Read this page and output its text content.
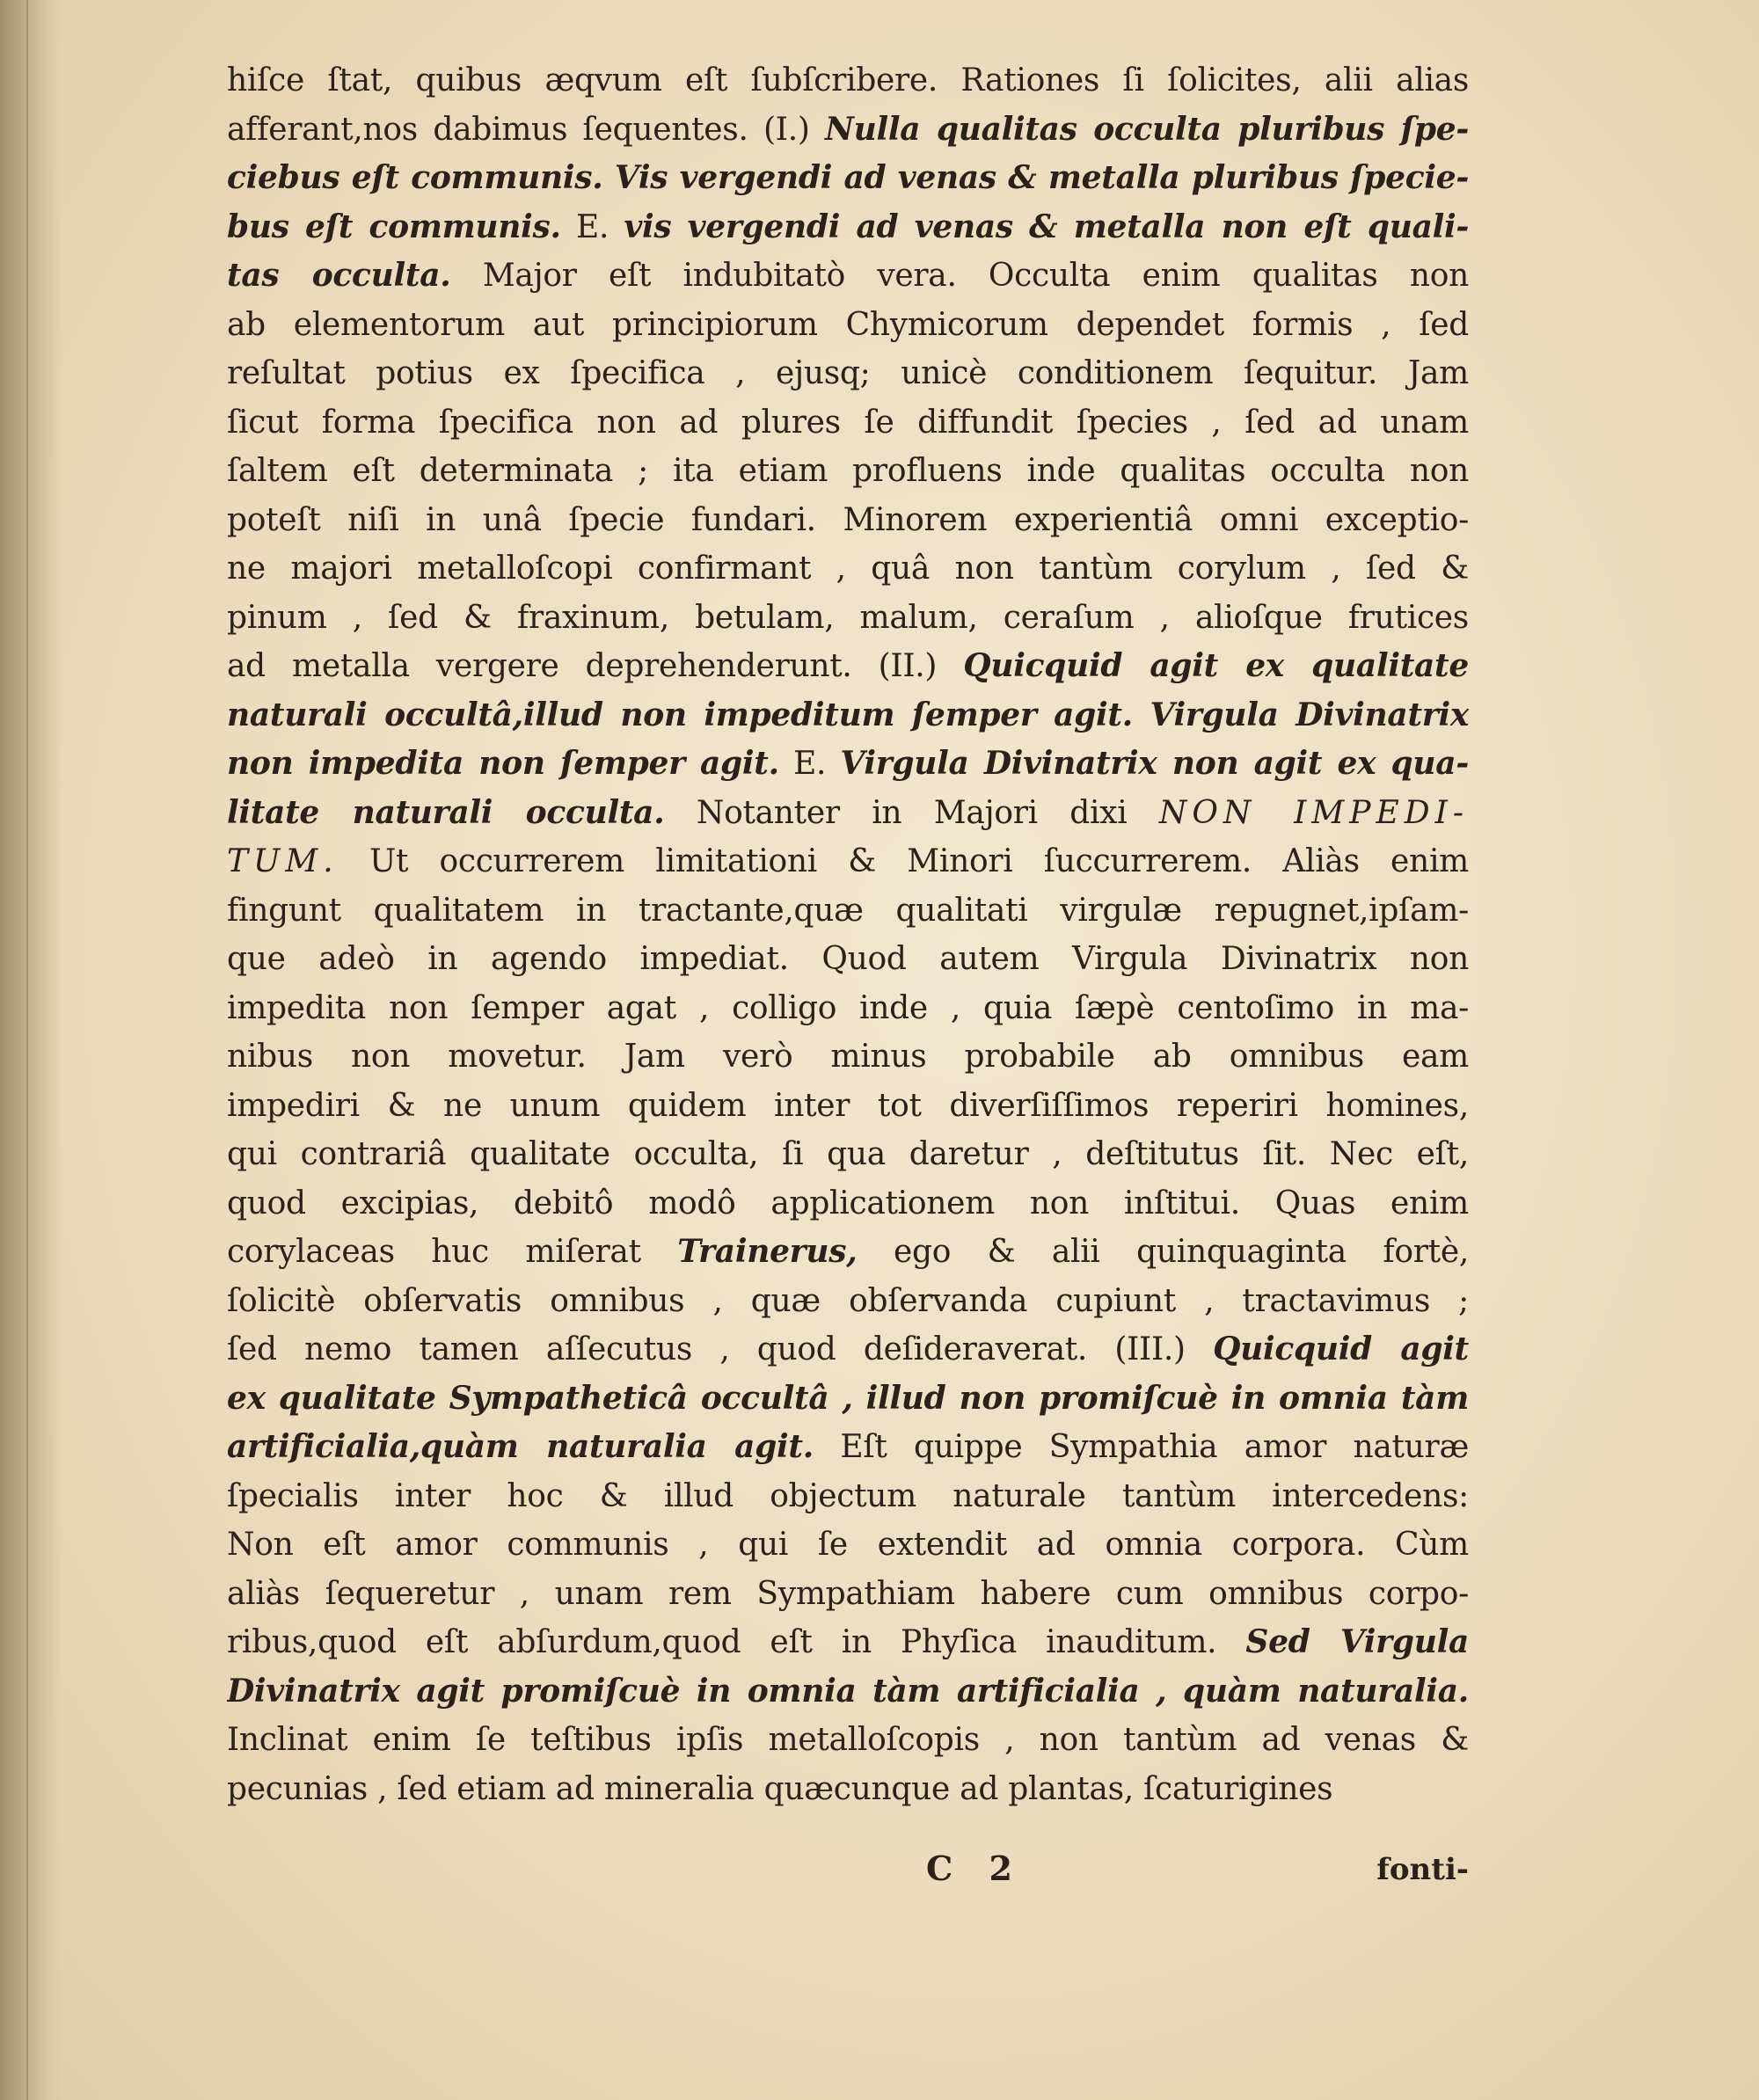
hiſce ſtat, quibus æqvum eſt ſubſcribere. Rationes ſi ſolicites, alii alias
afferant,nos dabimus ſequentes. (I.) Nulla qualitas occulta pluribus ſpe-
ciebus eſt communis. Vis vergendi ad venas & metalla pluribus ſpecie-
bus eſt communis. E. vis vergendi ad venas & metalla non eſt quali-
tas occulta. Major eſt indubitatò vera. Occulta enim qualitas non
ab elementorum aut principiorum Chymicorum dependet formis , ſed
reſultat potius ex ſpecifica , ejusq; unicè conditionem ſequitur. Jam
ſicut forma ſpecifica non ad plures ſe diffundit ſpecies , ſed ad unam
ſaltem eſt determinata ; ita etiam profluens inde qualitas occulta non
poteſt niſi in unâ ſpecie fundari. Minorem experientiâ omni exceptio-
ne majori metalloſcopi confirmant , quâ non tantùm corylum , ſed &
pinum , ſed & fraxinum, betulam, malum, ceraſum , alioſque frutices
ad metalla vergere deprehenderunt. (II.) Quicquid agit ex qualitate
naturali occultâ,illud non impeditum ſemper agit. Virgula Divinatrix
non impedita non ſemper agit. E. Virgula Divinatrix non agit ex qua-
litate naturali occulta. Notanter in Majori dixi NON IMPEDI-
TUM. Ut occurrerem limitationi & Minori ſuccurrerem. Aliàs enim
fingunt qualitatem in tractante,quæ qualitati virgulæ repugnet,ipſam-
que adeò in agendo impediat. Quod autem Virgula Divinatrix non
impedita non ſemper agat , colligo inde , quia ſæpè centoſimo in ma-
nibus non movetur. Jam verò minus probabile ab omnibus eam
impediri & ne unum quidem inter tot diverſiſſimos reperiri homines,
qui contrariâ qualitate occulta, ſi qua daretur , deſtitutus ſit. Nec eſt,
quod excipias, debitô modô applicationem non inſtitui. Quas enim
corylaceas huc miſerat Trainerus, ego & alii quinquaginta fortè,
ſolicitè obſervatis omnibus , quæ obſervanda cupiunt , tractavimus ;
ſed nemo tamen aſſecutus , quod deſideraverat. (III.) Quicquid agit
ex qualitate Sympatheticâ occultâ , illud non promiſcuè in omnia tàm
artificialia,quàm naturalia agit. Eſt quippe Sympathia amor naturæ
ſpecialis inter hoc & illud objectum naturale tantùm intercedens:
Non eſt amor communis , qui ſe extendit ad omnia corpora. Cùm
aliàs ſequeretur , unam rem Sympathiam habere cum omnibus corpo-
ribus,quod eſt abſurdum,quod eſt in Phyſica inauditum. Sed Virgula
Divinatrix agit promiſcuè in omnia tàm artificialia , quàm naturalia.
Inclinat enim ſe teſtibus ipſis metalloſcopis , non tantùm ad venas &
pecunias , ſed etiam ad mineralia quæcunque ad plantas, ſcaturigines
C 2	fonti-
